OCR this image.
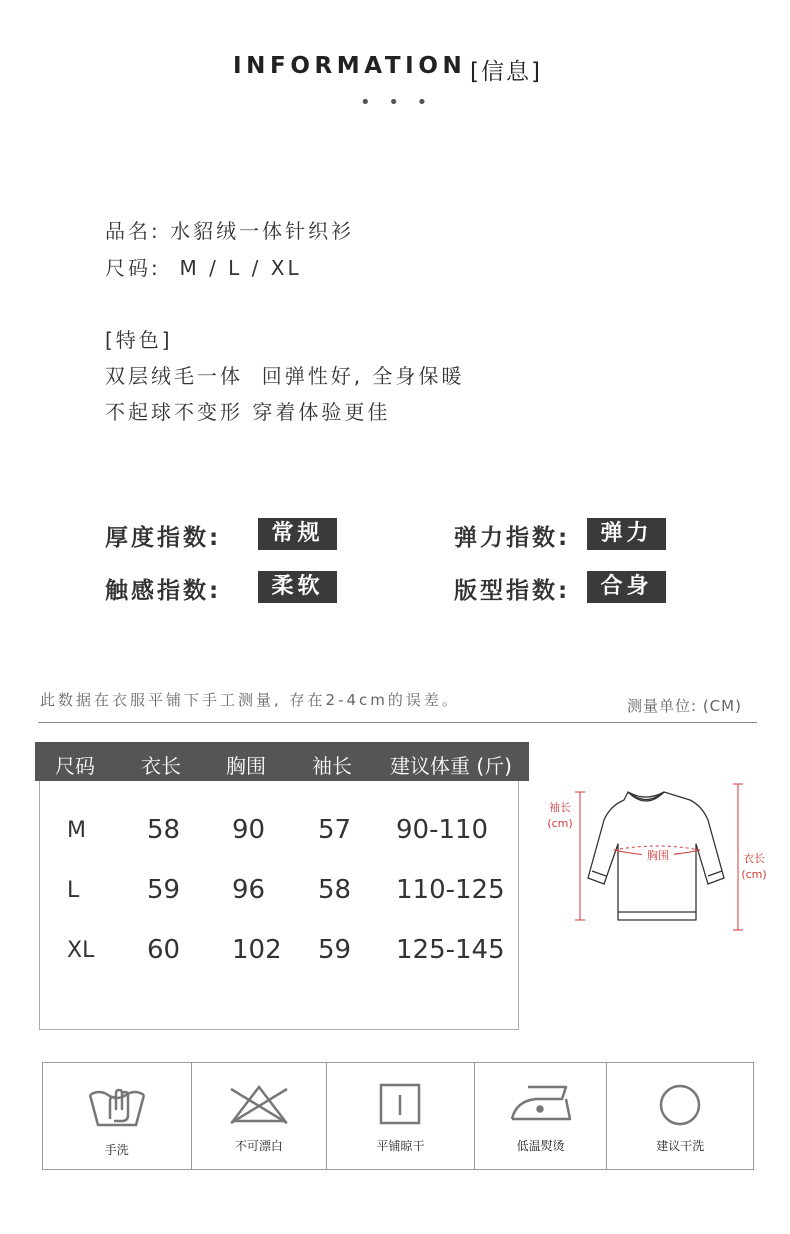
INFORMATION [信息]
• • •
品名: 水貂绒一体针织衫
尺码:  M / L / XL
[特色]
双层绒毛一体  回弹性好, 全身保暖
不起球不变形 穿着体验更佳
厚度指数:	常规	弹力指数:	弹力
触感指数:	柔软	版型指数:	合身
此数据在衣服平铺下手工测量, 存在2-4cm的误差。	测量单位: (CM)
尺码 衣长 胸围 袖长 建议体重 (斤)
M 58 90 57 90-110
L	59 96 58 110-125
XL 60 102 59 125-145
袖长
(cm)
胸围	衣长
(cm)
手洗	不可漂白	平铺晾干	低温熨烫	建议干洗
